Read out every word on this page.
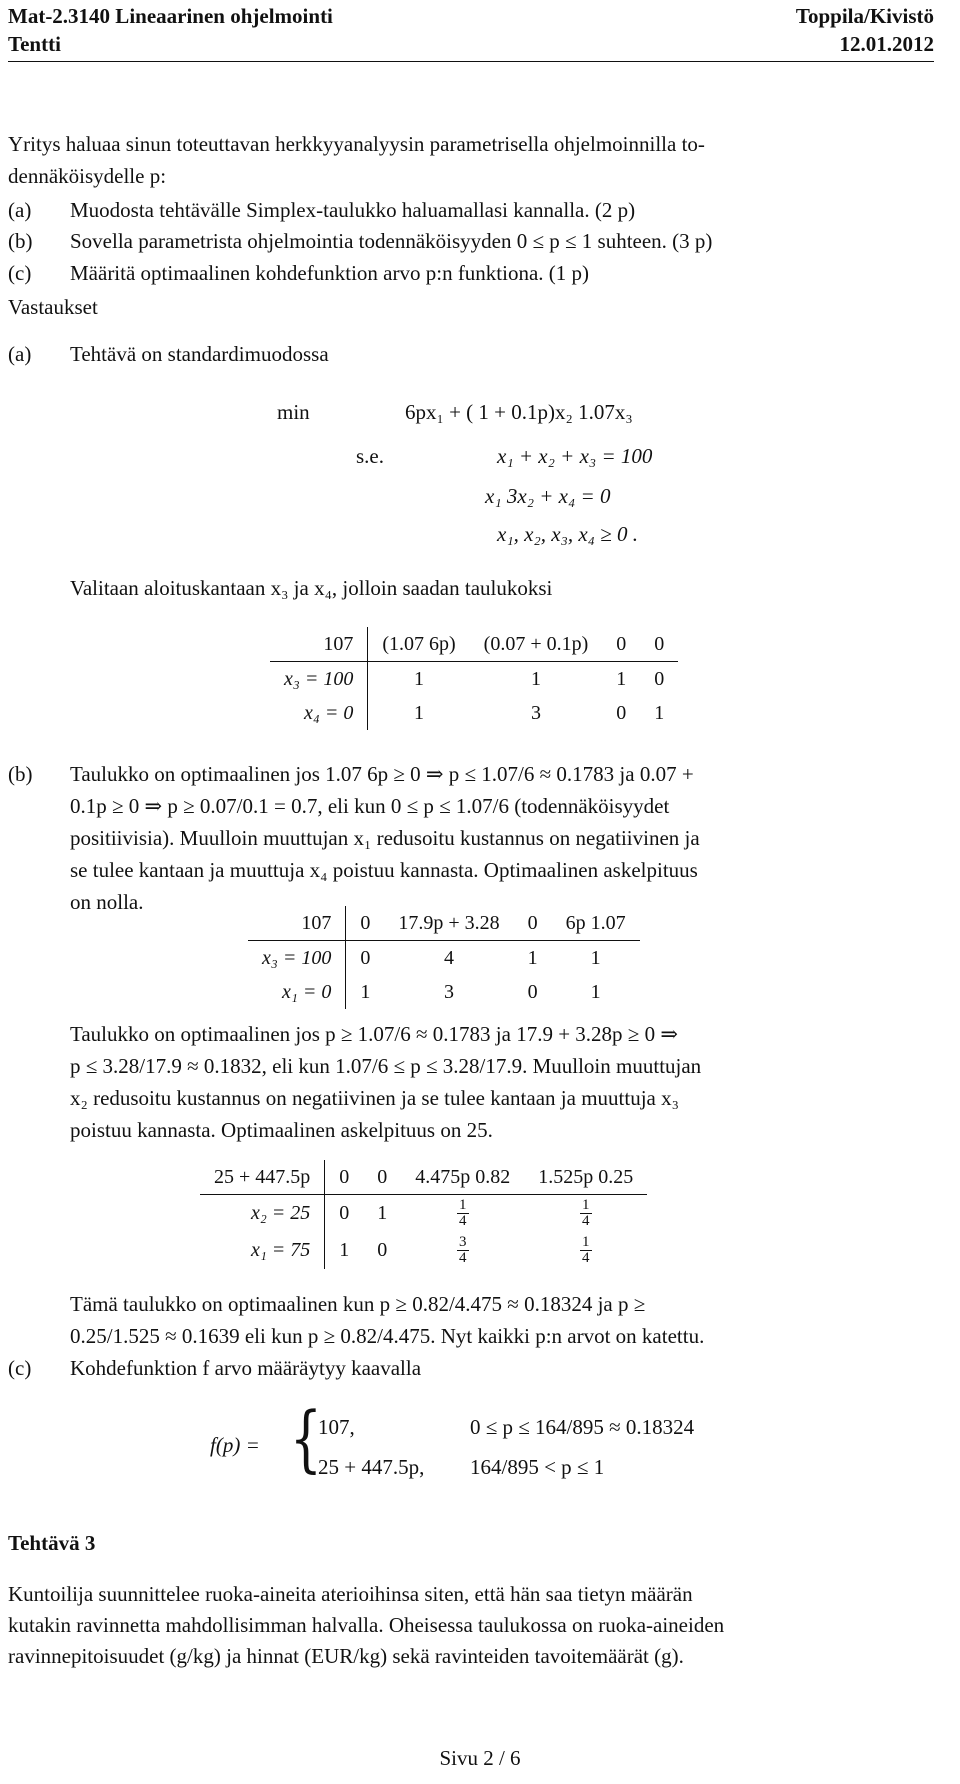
Mat-2.3140 Lineaarinen ohjelmointi	Toppila/Kivistö
Tentti	12.01.2012
Yritys haluaa sinun toteuttavan herkkyyanalyysin parametrisella ohjelmoinnilla to-
dennäköisydelle p:
(a) Muodosta tehtävälle Simplex-taulukko haluamallasi kannalla. (2 p)
(b) Sovella parametrista ohjelmointia todennäköisyyden 0 ≤ p ≤ 1 suhteen. (3 p)
(c) Määritä optimaalinen kohdefunktion arvo p:n funktiona. (1 p)
Vastaukset
(a) Tehtävä on standardimuodossa
min	6px₁ + ( 1 + 0.1p)x₂ 1.07x₃
s.e.	x₁ + x₂ + x₃ = 100
x₁ 3x₂ + x₄ = 0
x₁, x₂, x₃, x₄ ≥ 0 .
Valitaan aloituskantaan x₃ ja x₄, jolloin saadan taulukoksi
107	(1.07 6p)	(0.07 + 0.1p)	0	0
x₃ = 100	1	1	1	0
x₄ = 0	1	3	0	1
(b) Taulukko on optimaalinen jos 1.07 6p ≥ 0 ⇒ p ≤ 1.07/6 ≈ 0.1783 ja 0.07 +
0.1p ≥ 0 ⇒ p ≥ 0.07/0.1 = 0.7, eli kun 0 ≤ p ≤ 1.07/6 (todennäköisyydet
positiivisia). Muulloin muuttujan x₁ redusoitu kustannus on negatiivinen ja
se tulee kantaan ja muuttuja x₄ poistuu kannasta. Optimaalinen askelpituus
on nolla.
107	0	17.9p + 3.28	0	6p 1.07
x₃ = 100	0	4	1	1
x₁ = 0	1	3	0	1
Taulukko on optimaalinen jos p ≥ 1.07/6 ≈ 0.1783 ja 17.9 + 3.28p ≥ 0 ⇒
p ≤ 3.28/17.9 ≈ 0.1832, eli kun 1.07/6 ≤ p ≤ 3.28/17.9. Muulloin muuttujan
x₂ redusoitu kustannus on negatiivinen ja se tulee kantaan ja muuttuja x₃
poistuu kannasta. Optimaalinen askelpituus on 25.
25 + 447.5p	0	0	4.475p 0.82	1.525p 0.25
x₂ = 25	0	1	$\frac{1}{4}$	$\frac{1}{4}$

x₁ = 75	1	0	$\frac{3}{4}$	$\frac{1}{4}$
Tämä taulukko on optimaalinen kun p ≥ 0.82/4.475 ≈ 0.18324 ja p ≥
0.25/1.525 ≈ 0.1639 eli kun p ≥ 0.82/4.475. Nyt kaikki p:n arvot on katettu.
(c) Kohdefunktion f arvo määräytyy kaavalla
f(p) = {
107,	0 ≤ p ≤ 164/895 ≈ 0.18324
25 + 447.5p, 164/895 < p ≤ 1
Tehtävä 3
Kuntoilija suunnittelee ruoka-aineita aterioihinsa siten, että hän saa tietyn määrän
kutakin ravinnetta mahdollisimman halvalla. Oheisessa taulukossa on ruoka-aineiden
ravinnepitoisuudet (g/kg) ja hinnat (EUR/kg) sekä ravinteiden tavoitemäärät (g).
Sivu 2 / 6
